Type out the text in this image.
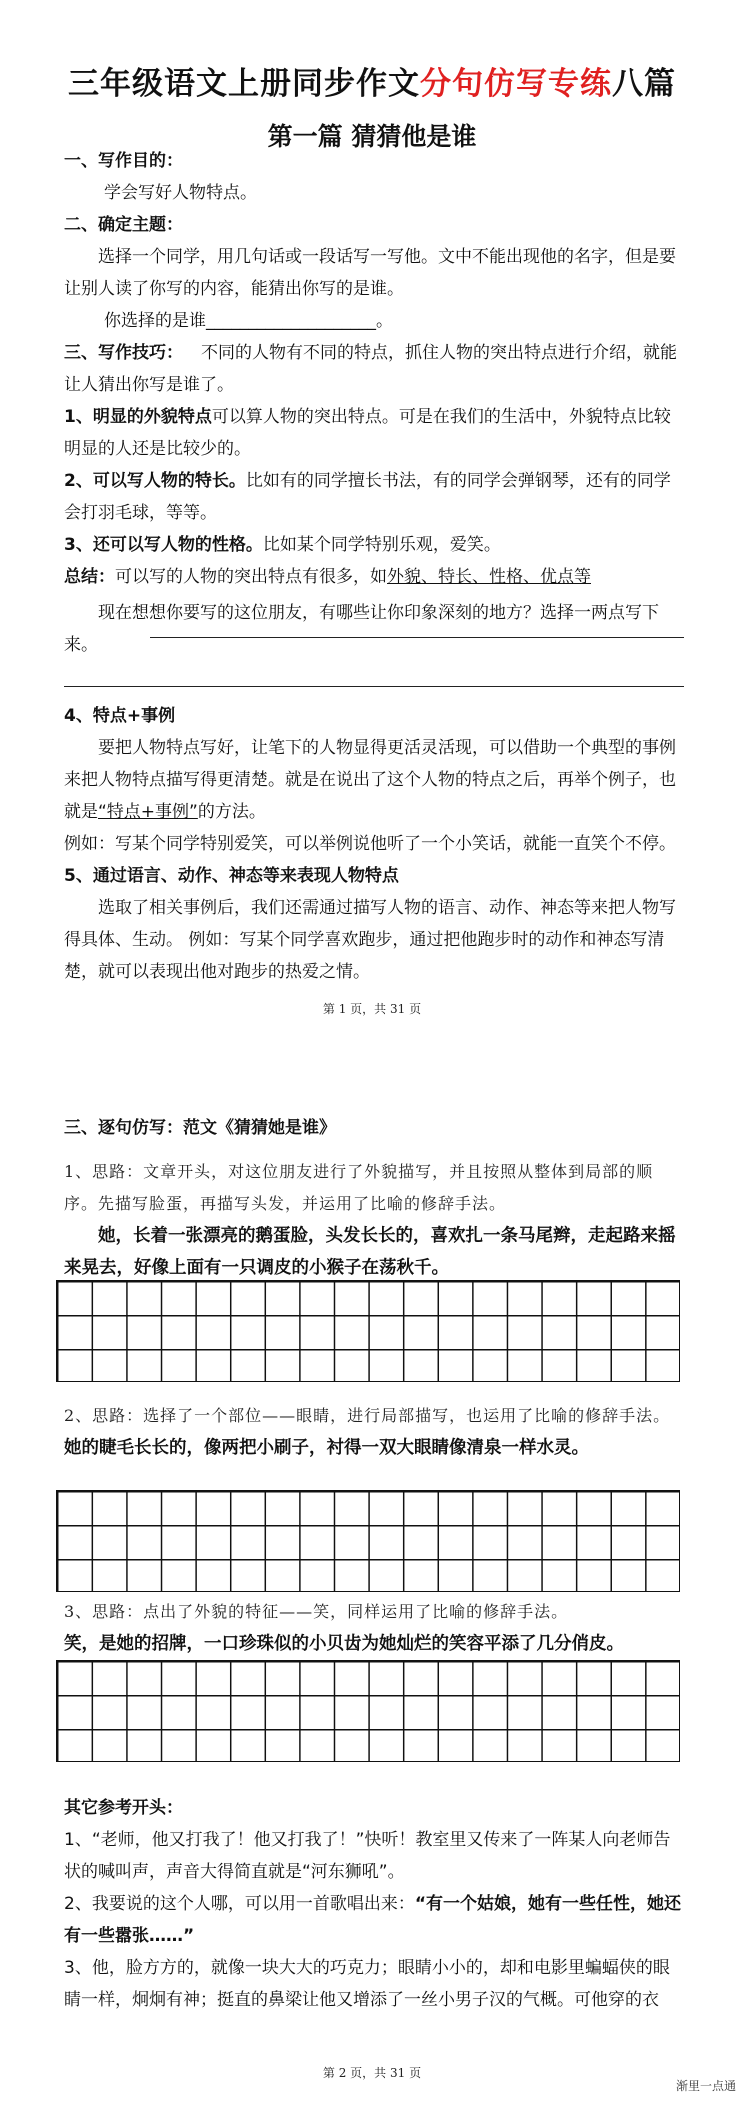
三年级语文上册同步作文分句仿写专练八篇
第一篇 猜猜他是谁
一、写作目的：
学会写好人物特点。
二、确定主题：
选择一个同学，用几句话或一段话写一写他。文中不能出现他的名字，但是要让别人读了你写的内容，能猜出你写的是谁。
你选择的是谁____________________。
三、写作技巧： 不同的人物有不同的特点，抓住人物的突出特点进行介绍，就能让人猜出你写是谁了。
1、明显的外貌特点可以算人物的突出特点。可是在我们的生活中，外貌特点比较明显的人还是比较少的。
2、可以写人物的特长。比如有的同学擅长书法，有的同学会弹钢琴，还有的同学会打羽毛球，等等。
3、还可以写人物的性格。比如某个同学特别乐观，爱笑。
总结：可以写的人物的突出特点有很多，如外貌、特长、性格、优点等
现在想想你要写的这位朋友，有哪些让你印象深刻的地方？选择一两点写下来。
4、特点+事例
要把人物特点写好，让笔下的人物显得更活灵活现，可以借助一个典型的事例来把人物特点描写得更清楚。就是在说出了这个人物的特点之后，再举个例子，也就是“特点+事例”的方法。
例如：写某个同学特别爱笑，可以举例说他听了一个小笑话，就能一直笑个不停。
5、通过语言、动作、神态等来表现人物特点
选取了相关事例后，我们还需通过描写人物的语言、动作、神态等来把人物写得具体、生动。 例如：写某个同学喜欢跑步，通过把他跑步时的动作和神态写清楚，就可以表现出他对跑步的热爱之情。
第 1 页，共 31 页
三、逐句仿写：范文《猜猜她是谁》
1、思路：文章开头，对这位朋友进行了外貌描写，并且按照从整体到局部的顺序。先描写脸蛋，再描写头发，并运用了比喻的修辞手法。
她，长着一张漂亮的鹅蛋脸，头发长长的，喜欢扎一条马尾辫，走起路来摇来晃去，好像上面有一只调皮的小猴子在荡秋千。
2、思路：选择了一个部位——眼睛，进行局部描写，也运用了比喻的修辞手法。
她的睫毛长长的，像两把小刷子，衬得一双大眼睛像清泉一样水灵。
3、思路：点出了外貌的特征——笑，同样运用了比喻的修辞手法。
笑，是她的招牌，一口珍珠似的小贝齿为她灿烂的笑容平添了几分俏皮。
其它参考开头：
1、“老师，他又打我了！他又打我了！”快听！教室里又传来了一阵某人向老师告状的喊叫声，声音大得简直就是“河东狮吼”。
2、我要说的这个人哪，可以用一首歌唱出来：“有一个姑娘，她有一些任性，她还有一些嚣张……”
3、他，脸方方的，就像一块大大的巧克力；眼睛小小的，却和电影里蝙蝠侠的眼睛一样，炯炯有神；挺直的鼻梁让他又增添了一丝小男子汉的气概。可他穿的衣
第 2 页，共 31 页
渐里一点通
